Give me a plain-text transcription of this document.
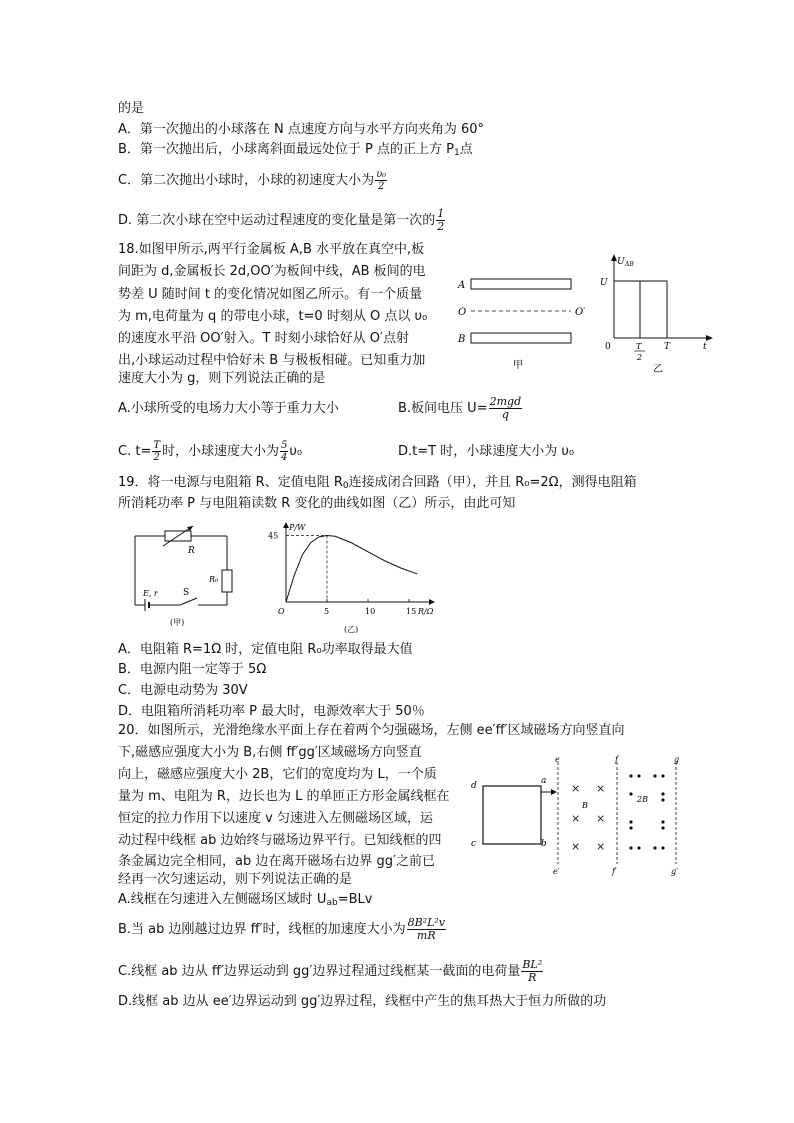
的是
A．第一次抛出的小球落在 N 点速度方向与水平方向夹角为 60°
B．第一次抛出后，小球离斜面最远处位于 P 点的正上方 $P_1$点
C．第二次抛出小球时，小球的初速度大小为 $\frac{\text{υ₀}}{2}$
D. 第二次小球在空中运动过程速度的变化量是第一次的 $\frac{1}{2}$
18.如图甲所示,两平行金属板 A,B 水平放在真空中,板
间距为 d,金属板长 2d,OO′为板间中线，AB 板间的电
势差 U 随时间 t 的变化情况如图乙所示。有一个质量
为 m,电荷量为 q 的带电小球，t=0 时刻从 O 点以 υ₀
的速度水平沿 OO′射入。T 时刻小球恰好从 O′点射
出,小球运动过程中恰好未 B 与极板相碰。已知重力加
速度大小为 g，则下列说法正确的是
A
O	O′
B
甲
U AB
U
0	T
2
T	t
乙
A.小球所受的电场力大小等于重力大小	B.板间电压 $U= \frac{\text{2mgd}}{q}$
C. $t= \frac{T}{2}$ 时，小球速度大小为 $\frac{5}{4} \upsilon_0$	D.t=T 时，小球速度大小为 υ₀
19．将一电源与电阻箱 R、定值电阻 $R_0$连接成闭合回路（甲），并且 R₀=2Ω，测得电阻箱
所消耗功率 P 与电阻箱读数 R 变化的曲线如图（乙）所示，由此可知
R
R₀
E, r	S
(甲)
P/W
R/Ω
(乙)
45
O	5	10	15
A．电阻箱 R=1Ω 时，定值电阻 R₀功率取得最大值
B．电源内阻一定等于 5Ω
C．电源电动势为 30V
D．电阻箱所消耗功率 P 最大时，电源效率大于 50％
20．如图所示，光滑绝缘水平面上存在着两个匀强磁场，左侧 ee′ff′区域磁场方向竖直向
下,磁感应强度大小为 B,右侧 ff′gg′区域磁场方向竖直
向上，磁感应强度大小 2B，它们的宽度均为 L，一个质
量为 m、电阻为 R，边长也为 L 的单匝正方形金属线框在
恒定的拉力作用下以速度 v 匀速进入左侧磁场区域，运
动过程中线框 ab 边始终与磁场边界平行。已知线框的四
条金属边完全相同，ab 边在离开磁场右边界 gg′之前已
经再一次匀速运动，则下列说法正确的是
d	a
c	b
e	f	g
e′	f′	g′
× ×
× ×
× ×
B
2B
A.线框在匀速进入左侧磁场区域时 $U_{ab}=BLv$
B.当 ab 边刚越过边界 ff′时，线框的加速度大小为 $\frac{\text{8B²L²v}}{mR}$
C.线框 ab 边从 ff′边界运动到 gg′边界过程通过线框某一截面的电荷量 $\frac{\text{BL²}}{R}$
D.线框 ab 边从 ee′边界运动到 gg′边界过程，线框中产生的焦耳热大于恒力所做的功
